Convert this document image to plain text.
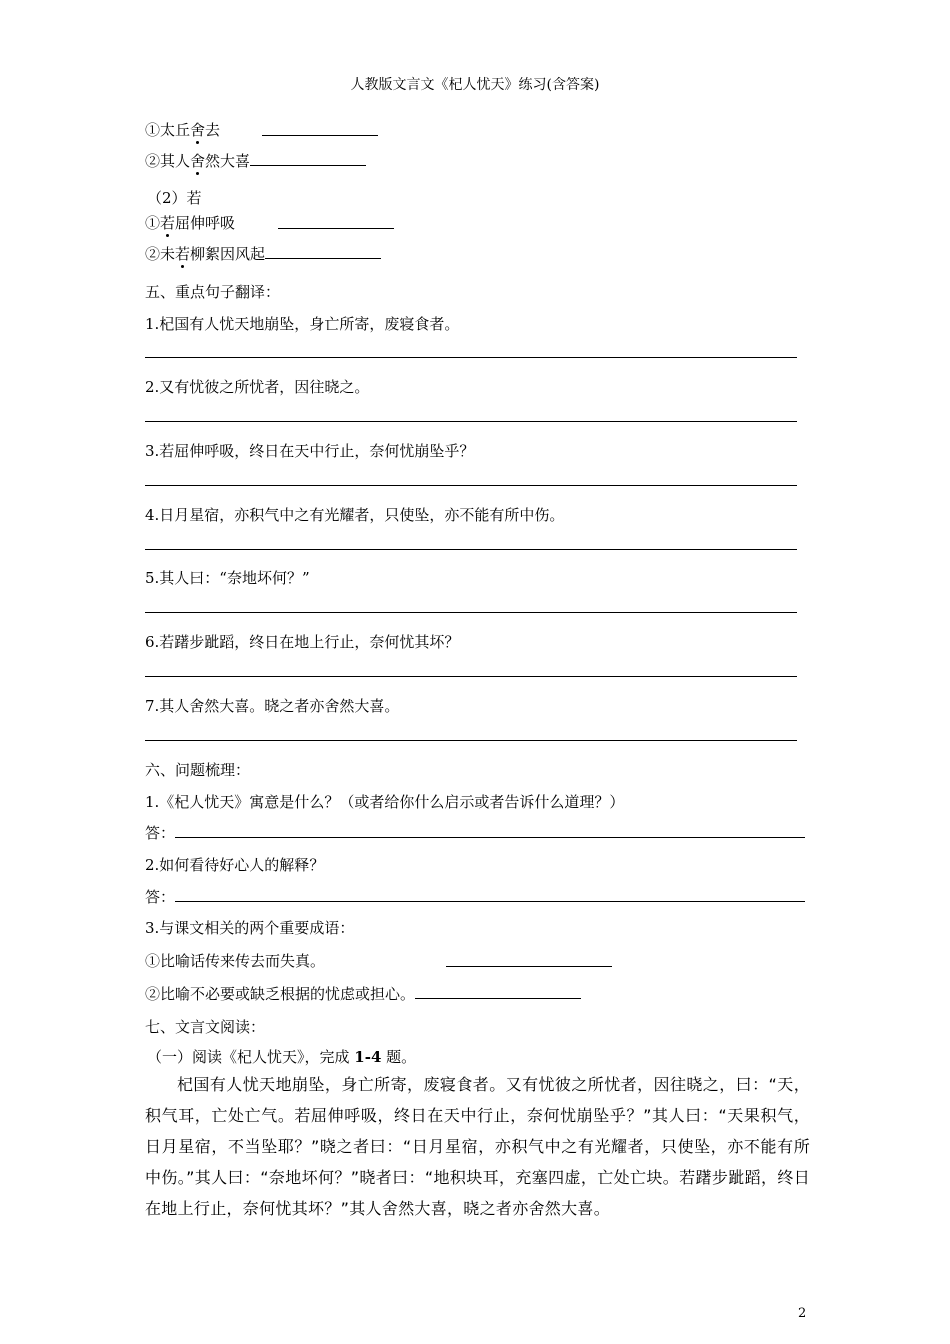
人教版文言文《杞人忧天》练习(含答案)
①太丘舍去
②其人舍然大喜
（2）若
①若屈伸呼吸
②未若柳絮因风起
五、重点句子翻译：
1.杞国有人忧天地崩坠，身亡所寄，废寝食者。
2.又有忧彼之所忧者，因往晓之。
3.若屈伸呼吸，终日在天中行止，奈何忧崩坠乎？
4.日月星宿，亦积气中之有光耀者，只使坠，亦不能有所中伤。
5.其人曰：“奈地坏何？”
6.若躇步跐蹈，终日在地上行止，奈何忧其坏？
7.其人舍然大喜。晓之者亦舍然大喜。
六、问题梳理：
1.《杞人忧天》寓意是什么？（或者给你什么启示或者告诉什么道理？）
答：
2.如何看待好心人的解释？
答：
3.与课文相关的两个重要成语：
①比喻话传来传去而失真。
②比喻不必要或缺乏根据的忧虑或担心。
七、文言文阅读：
（一）阅读《杞人忧天》，完成 1-4 题。
杞国有人忧天地崩坠，身亡所寄，废寝食者。又有忧彼之所忧者，因往晓之，曰：“天，积气耳，亡处亡气。若屈伸呼吸，终日在天中行止，奈何忧崩坠乎？”其人曰：“天果积气，日月星宿，不当坠耶？”晓之者曰：“日月星宿，亦积气中之有光耀者，只使坠，亦不能有所中伤。”其人曰：“奈地坏何？”晓者曰：“地积块耳，充塞四虚，亡处亡块。若躇步跐蹈，终日在地上行止，奈何忧其坏？”其人舍然大喜，晓之者亦舍然大喜。
2
